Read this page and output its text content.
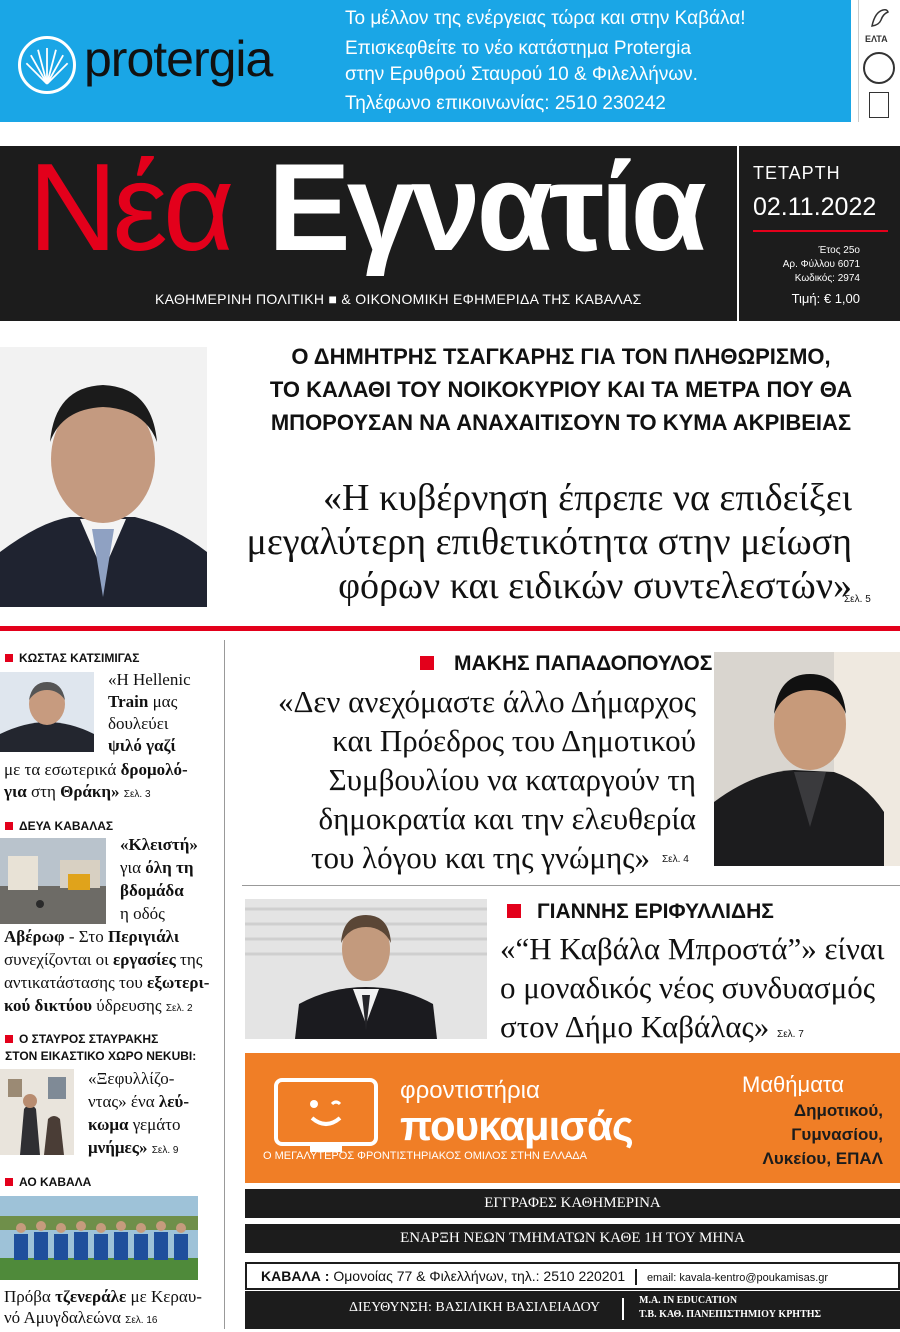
protergia
Το μέλλον της ενέργειας τώρα και στην Καβάλα!
Επισκεφθείτε το νέο κατάστημα Protergia
στην Ερυθρού Σταυρού 10 & Φιλελλήνων.
Τηλέφωνο επικοινωνίας: 2510 230242
ΕΛΤΑ
Νέα Εγνατία
ΚΑΘΗΜΕΡΙΝΗ ΠΟΛΙΤΙΚΗ ■ & ΟΙΚΟΝΟΜΙΚΗ ΕΦΗΜΕΡΙΔΑ ΤΗΣ ΚΑΒΑΛΑΣ
ΤΕΤΑΡΤΗ
02.11.2022
Έτος 25ο
Αρ. Φύλλου 6071
Κωδικός: 2974
Τιμή: € 1,00
Ο ΔΗΜΗΤΡΗΣ ΤΣΑΓΚΑΡΗΣ ΓΙΑ ΤΟΝ ΠΛΗΘΩΡΙΣΜΟ,
ΤΟ ΚΑΛΑΘΙ ΤΟΥ ΝΟΙΚΟΚΥΡΙΟΥ ΚΑΙ ΤΑ ΜΕΤΡΑ ΠΟΥ ΘΑ
ΜΠΟΡΟΥΣΑΝ ΝΑ ΑΝΑΧΑΙΤΙΣΟΥΝ ΤΟ ΚΥΜΑ ΑΚΡΙΒΕΙΑΣ
«Η κυβέρνηση έπρεπε να επιδείξει
μεγαλύτερη επιθετικότητα στην μείωση
φόρων και ειδικών συντελεστών»
Σελ. 5
ΚΩΣΤΑΣ ΚΑΤΣΙΜΙΓΑΣ
«Η Hellenic
Train μας
δουλεύει
ψιλό γαζί
με τα εσωτερικά δρομολό-
για στη Θράκη» Σελ. 3
ΔΕΥΑ ΚΑΒΑΛΑΣ
«Κλειστή»
για όλη τη
βδομάδα
η οδός
Αβέρωφ - Στο Περιγιάλι
συνεχίζονται οι εργασίες της
αντικατάστασης του εξωτερι-
κού δικτύου ύδρευσης Σελ. 2
Ο ΣΤΑΥΡΟΣ ΣΤΑΥΡΑΚΗΣ
ΣΤΟΝ ΕΙΚΑΣΤΙΚΟ ΧΩΡΟ ΝΕΚUBI:
«Ξεφυλλίζο-
ντας» ένα λεύ-
κωμα γεμάτο
μνήμες» Σελ. 9
ΑΟ ΚΑΒΑΛΑ
Πρόβα τζενεράλε με Κεραυ-
νό Αμυγδαλεώνα Σελ. 16
ΜΑΚΗΣ ΠΑΠΑΔΟΠΟΥΛΟΣ
«Δεν ανεχόμαστε άλλο Δήμαρχος
και Πρόεδρος του Δημοτικού
Συμβουλίου να καταργούν τη
δημοκρατία και την ελευθερία
του λόγου και της γνώμης»	Σελ. 4
ΓΙΑΝΝΗΣ ΕΡΙΦΥΛΛΙΔΗΣ
«“Η Καβάλα Μπροστά”» είναι
ο μοναδικός νέος συνδυασμός
στον Δήμο Καβάλας» Σελ. 7
φροντιστήρια
πουκαμισάς
Ο ΜΕΓΑΛΥΤΕΡΟΣ ΦΡΟΝΤΙΣΤΗΡΙΑΚΟΣ ΟΜΙΛΟΣ ΣΤΗΝ ΕΛΛΑΔΑ
Μαθήματα
Δημοτικού,
Γυμνασίου,
Λυκείου, ΕΠΑΛ
ΕΓΓΡΑΦΕΣ ΚΑΘΗΜΕΡΙΝΑ
ΕΝΑΡΞΗ ΝΕΩΝ ΤΜΗΜΑΤΩΝ ΚΑΘΕ 1Η ΤΟΥ ΜΗΝΑ
ΚΑΒΑΛΑ : Ομονοίας 77 & Φιλελλήνων, τηλ.: 2510 220201 email: kavala-kentro@poukamisas.gr
ΔΙΕΥΘΥΝΣΗ: ΒΑΣΙΛΙΚΗ ΒΑΣΙΛΕΙΑΔΟΥ	Μ.Α. IN EDUCATION
Τ.Β. ΚΑΘ. ΠΑΝΕΠΙΣΤΗΜΙΟΥ ΚΡΗΤΗΣ
